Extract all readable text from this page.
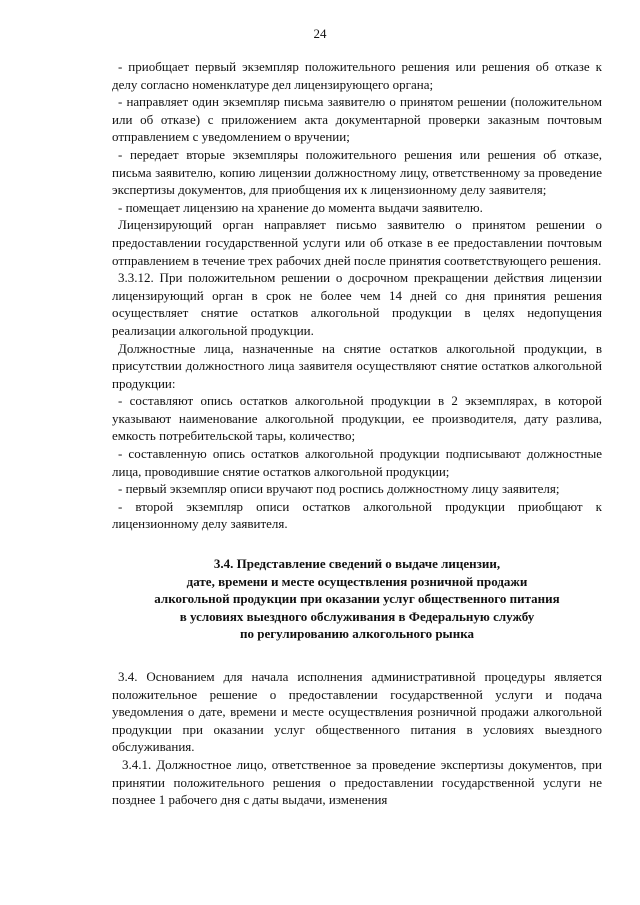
24

- приобщает первый экземпляр положительного решения или решения об отказе к делу согласно номенклатуре дел лицензирующего органа;

- направляет один экземпляр письма заявителю о принятом решении (положительном или об отказе) с приложением акта документарной проверки заказным почтовым отправлением с уведомлением о вручении;

- передает вторые экземпляры положительного решения или решения об отказе, письма заявителю, копию лицензии должностному лицу, ответственному за проведение экспертизы документов, для приобщения их к лицензионному делу заявителя;

- помещает лицензию на хранение до момента выдачи заявителю.

Лицензирующий орган направляет письмо заявителю о принятом решении о предоставлении государственной услуги или об отказе в ее предоставлении почтовым отправлением в течение трех рабочих дней после принятия соответствующего решения.

3.3.12. При положительном решении о досрочном прекращении действия лицензии лицензирующий орган в срок не более чем 14 дней со дня принятия решения осуществляет снятие остатков алкогольной продукции в целях недопущения реализации алкогольной продукции.

Должностные лица, назначенные на снятие остатков алкогольной продукции, в присутствии должностного лица заявителя осуществляют снятие остатков алкогольной продукции:

- составляют опись остатков алкогольной продукции в 2 экземплярах, в которой указывают наименование алкогольной продукции, ее производителя, дату разлива, емкость потребительской тары, количество;

- составленную опись остатков алкогольной продукции подписывают должностные лица, проводившие снятие остатков алкогольной продукции;

- первый экземпляр описи вручают под роспись должностному лицу заявителя;

- второй экземпляр описи остатков алкогольной продукции приобщают к лицензионному делу заявителя.

3.4. Представление сведений о выдаче лицензии,
дате, времени и месте осуществления розничной продажи
алкогольной продукции при оказании услуг общественного питания
в условиях выездного обслуживания в Федеральную службу
по регулированию алкогольного рынка

3.4. Основанием для начала исполнения административной процедуры является положительное решение о предоставлении государственной услуги и подача уведомления о дате, времени и месте осуществления розничной продажи алкогольной продукции при оказании услуг общественного питания в условиях выездного обслуживания.

3.4.1. Должностное лицо, ответственное за проведение экспертизы документов, при принятии положительного решения о предоставлении государственной услуги не позднее 1 рабочего дня с даты выдачи, изменения
